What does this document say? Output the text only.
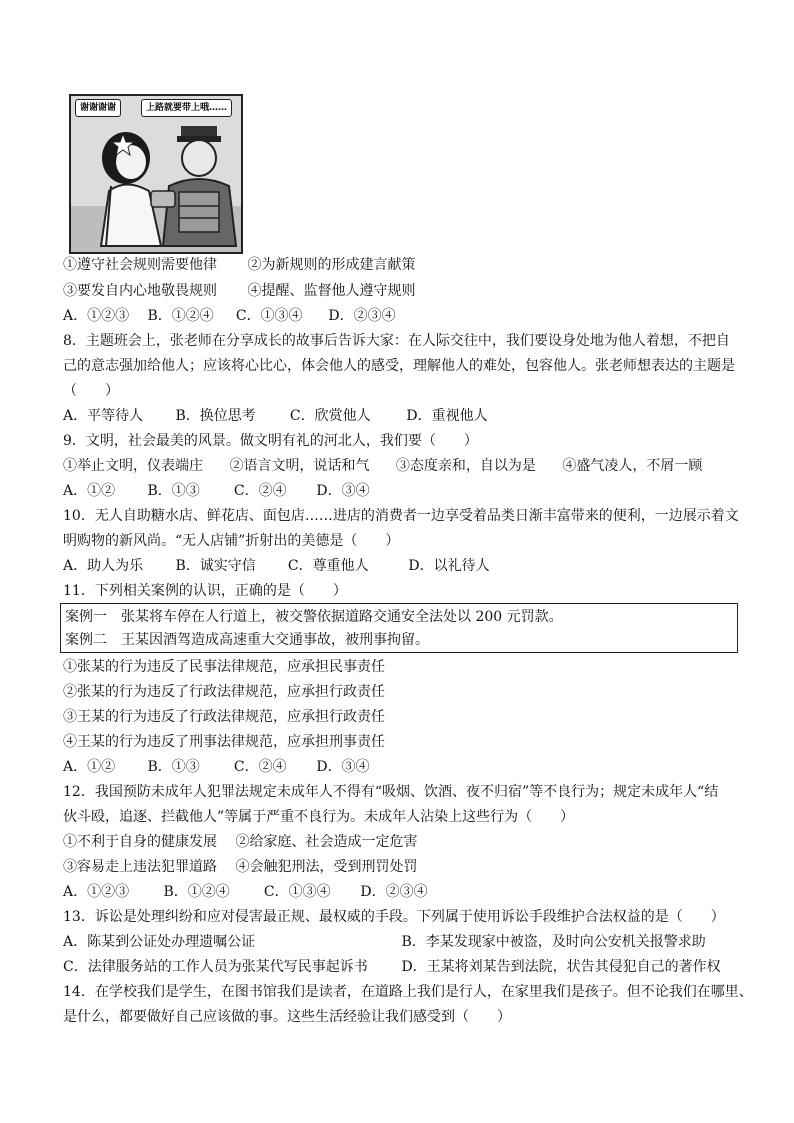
谢谢谢谢	上路就要带上哦……
①遵守社会规则需要他律 ②为新规则的形成建言献策
③要发自内心地敬畏规则 ④提醒、监督他人遵守规则
A．①②③ B．①②④ C．①③④ D．②③④
8．主题班会上，张老师在分享成长的故事后告诉大家：在人际交往中，我们要设身处地为他人着想，不把自
己的意志强加给他人；应该将心比心，体会他人的感受，理解他人的难处，包容他人。张老师想表达的主题是
（　　）
A．平等待人 B．换位思考 C．欣赏他人	D．重视他人
9．文明，社会最美的风景。做文明有礼的河北人，我们要（　　）
①举止文明，仪表端庄 ②语言文明，说话和气 ③态度亲和，自以为是 ④盛气凌人，不屑一顾
A．①② B．①③ C．②④ D．③④
10．无人自助糖水店、鲜花店、面包店……进店的消费者一边享受着品类日渐丰富带来的便利，一边展示着文
明购物的新风尚。“无人店铺”折射出的美德是（　　）
A．助人为乐 B．诚实守信 C．尊重他人	D．以礼待人
11．下列相关案例的认识，正确的是（　　）
案例一　张某将车停在人行道上，被交警依据道路交通安全法处以 200 元罚款。
案例二　王某因酒驾造成高速重大交通事故，被刑事拘留。
①张某的行为违反了民事法律规范，应承担民事责任
②张某的行为违反了行政法律规范，应承担行政责任
③王某的行为违反了行政法律规范，应承担行政责任
④王某的行为违反了刑事法律规范，应承担刑事责任
A．①② B．①③ C．②④ D．③④
12．我国预防未成年人犯罪法规定未成年人不得有“吸烟、饮酒、夜不归宿”等不良行为；规定未成年人“结
伙斗殴，追逐、拦截他人”等属于严重不良行为。未成年人沾染上这些行为（　　）
①不利于自身的健康发展 ②给家庭、社会造成一定危害
③容易走上违法犯罪道路 ④会触犯刑法，受到刑罚处罚
A．①②③ B．①②④ C．①③④ D．②③④
13．诉讼是处理纠纷和应对侵害最正规、最权威的手段。下列属于使用诉讼手段维护合法权益的是（　　）
A．陈某到公证处办理遗嘱公证	B．李某发现家中被盗，及时向公安机关报警求助
C．法律服务站的工作人员为张某代写民事起诉书 D．王某将刘某告到法院，状告其侵犯自己的著作权
14．在学校我们是学生，在图书馆我们是读者，在道路上我们是行人，在家里我们是孩子。但不论我们在哪里、
是什么，都要做好自己应该做的事。这些生活经验让我们感受到（　　）
